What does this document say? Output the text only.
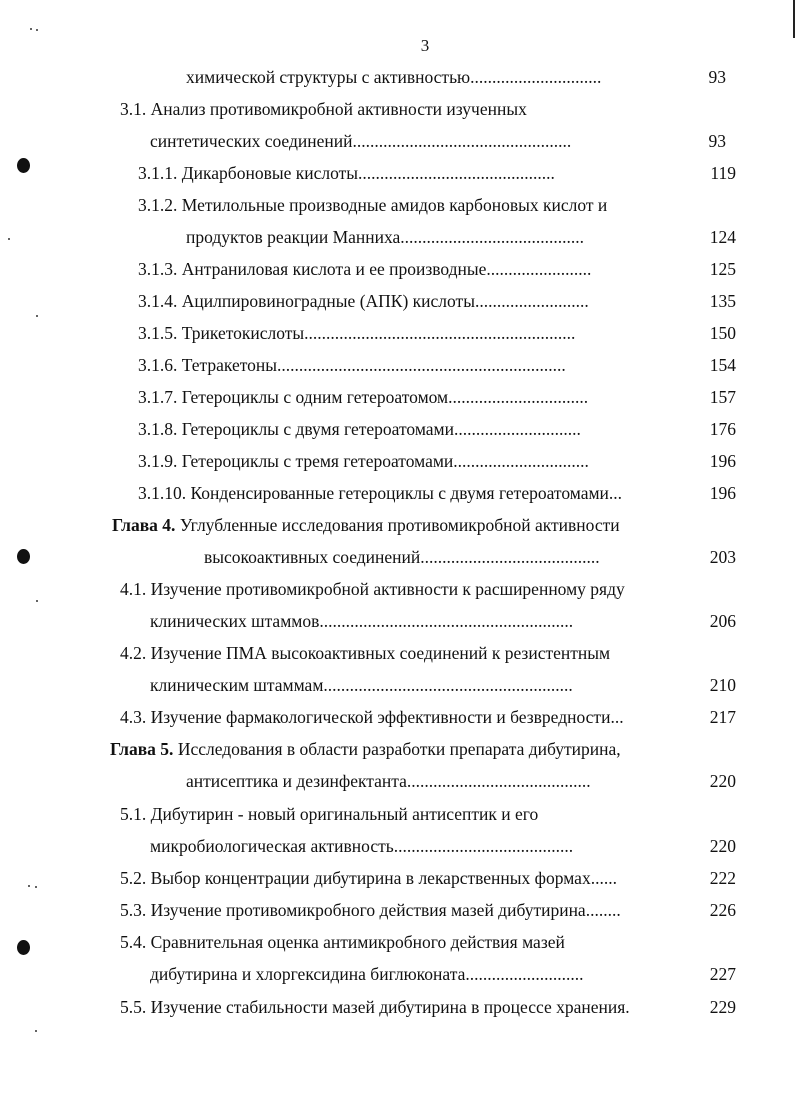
3
химической структуры с активностью..............................	93
3.1. Анализ противомикробной активности изученных
синтетических соединений..................................................	93
3.1.1. Дикарбоновые кислоты.............................................	119
3.1.2. Метилольные производные амидов карбоновых кислот и
продуктов реакции Манниха..........................................	124
3.1.3. Антраниловая кислота и ее производные........................	125
3.1.4. Ацилпировиноградные (АПК) кислоты..........................	135
3.1.5. Трикетокислоты..............................................................	150
3.1.6. Тетракетоны..................................................................	154
3.1.7. Гетероциклы с одним гетероатомом................................	157
3.1.8. Гетероциклы с двумя гетероатомами.............................	176
3.1.9. Гетероциклы с тремя гетероатомами...............................	196
3.1.10. Конденсированные гетероциклы с двумя гетероатомами...	196
Глава 4. Углубленные исследования противомикробной активности
высокоактивных соединений.........................................	203
4.1. Изучение противомикробной активности к расширенному ряду
клинических штаммов..........................................................	206
4.2. Изучение ПМА высокоактивных соединений к резистентным
клиническим штаммам.........................................................	210
4.3. Изучение фармакологической эффективности и безвредности...	217
Глава 5. Исследования в области разработки препарата дибутирина,
антисептика и дезинфектанта..........................................	220
5.1. Дибутирин - новый оригинальный антисептик и его
микробиологическая активность.........................................	220
5.2. Выбор концентрации дибутирина в лекарственных формах......	222
5.3. Изучение противомикробного действия мазей дибутирина........	226
5.4. Сравнительная оценка антимикробного действия мазей
дибутирина и хлоргексидина биглюконата...........................	227
5.5. Изучение стабильности мазей дибутирина в процессе хранения.	229
